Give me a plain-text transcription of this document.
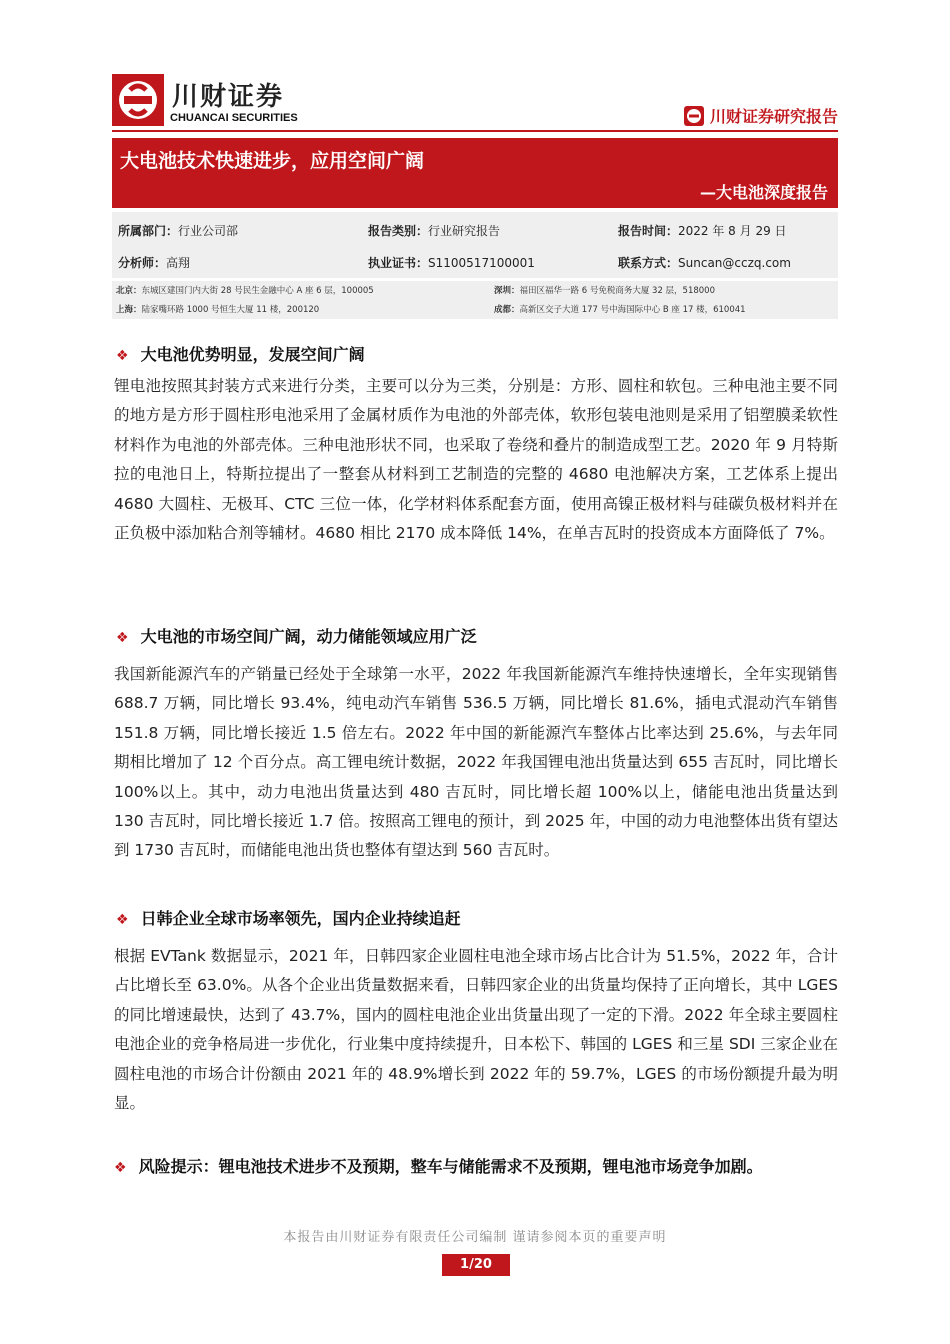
川财证券
CHUANCAI SECURITIES	川财证券研究报告
大电池技术快速进步，应用空间广阔
—大电池深度报告
所属部门：行业公司部	报告类别：行业研究报告	报告时间：2022 年 8 月 29 日
分析师：高翔	执业证书：S1100517100001	联系方式：Suncan@cczq.com
北京：东城区建国门内大街 28 号民生金融中心 A 座 6 层，100005	深圳：福田区福华一路 6 号免税商务大厦 32 层，518000
上海：陆家嘴环路 1000 号恒生大厦 11 楼，200120	成都：高新区交子大道 177 号中海国际中心 B 座 17 楼，610041
❖ 大电池优势明显，发展空间广阔
锂电池按照其封装方式来进行分类，主要可以分为三类，分别是：方形、圆柱和软包。三种电池主要不同的地方是方形于圆柱形电池采用了金属材质作为电池的外部壳体，软形包装电池则是采用了铝塑膜柔软性材料作为电池的外部壳体。三种电池形状不同，也采取了卷绕和叠片的制造成型工艺。2020 年 9 月特斯拉的电池日上，特斯拉提出了一整套从材料到工艺制造的完整的 4680 电池解决方案，工艺体系上提出 4680 大圆柱、无极耳、CTC 三位一体，化学材料体系配套方面，使用高镍正极材料与硅碳负极材料并在正负极中添加粘合剂等辅材。4680 相比 2170 成本降低 14%，在单吉瓦时的投资成本方面降低了 7%。
❖ 大电池的市场空间广阔，动力储能领域应用广泛
我国新能源汽车的产销量已经处于全球第一水平，2022 年我国新能源汽车维持快速增长，全年实现销售 688.7 万辆，同比增长 93.4%，纯电动汽车销售 536.5 万辆，同比增长 81.6%，插电式混动汽车销售 151.8 万辆，同比增长接近 1.5 倍左右。2022 年中国的新能源汽车整体占比率达到 25.6%，与去年同期相比增加了 12 个百分点。高工锂电统计数据，2022 年我国锂电池出货量达到 655 吉瓦时，同比增长 100%以上。其中，动力电池出货量达到 480 吉瓦时，同比增长超 100%以上，储能电池出货量达到 130 吉瓦时，同比增长接近 1.7 倍。按照高工锂电的预计，到 2025 年，中国的动力电池整体出货有望达到 1730 吉瓦时，而储能电池出货也整体有望达到 560 吉瓦时。
❖ 日韩企业全球市场率领先，国内企业持续追赶
根据 EVTank 数据显示，2021 年，日韩四家企业圆柱电池全球市场占比合计为 51.5%，2022 年，合计占比增长至 63.0%。从各个企业出货量数据来看，日韩四家企业的出货量均保持了正向增长，其中 LGES 的同比增速最快，达到了 43.7%，国内的圆柱电池企业出货量出现了一定的下滑。2022 年全球主要圆柱电池企业的竞争格局进一步优化，行业集中度持续提升，日本松下、韩国的 LGES 和三星 SDI 三家企业在圆柱电池的市场合计份额由 2021 年的 48.9%增长到 2022 年的 59.7%，LGES 的市场份额提升最为明显。
❖ 风险提示：锂电池技术进步不及预期，整车与储能需求不及预期，锂电池市场竞争加剧。
本报告由川财证券有限责任公司编制 谨请参阅本页的重要声明
1/20
